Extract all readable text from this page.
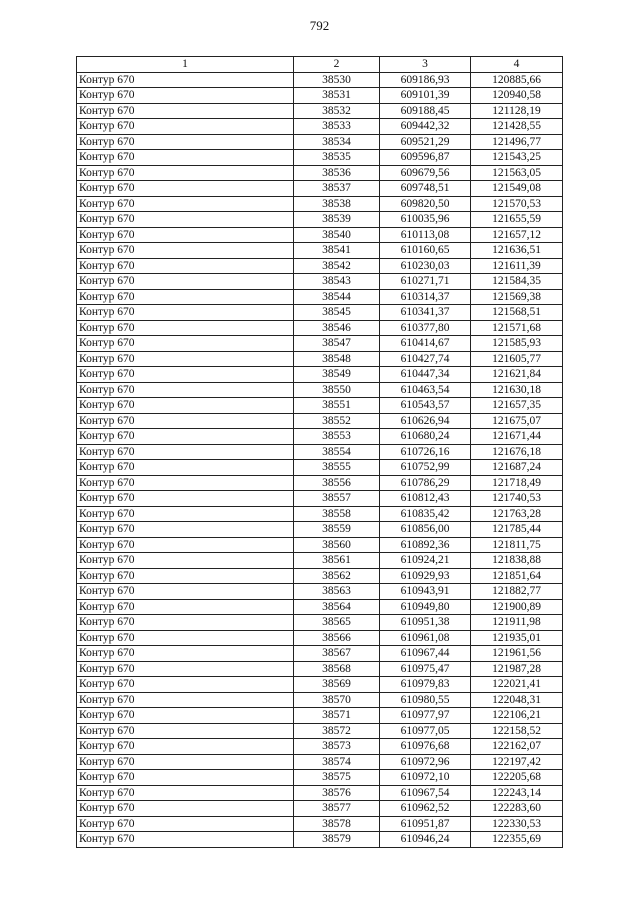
792
1	2	3	4
Контур 670	38530	609186,93	120885,66
Контур 670	38531	609101,39	120940,58
Контур 670	38532	609188,45	121128,19
Контур 670	38533	609442,32	121428,55
Контур 670	38534	609521,29	121496,77
Контур 670	38535	609596,87	121543,25
Контур 670	38536	609679,56	121563,05
Контур 670	38537	609748,51	121549,08
Контур 670	38538	609820,50	121570,53
Контур 670	38539	610035,96	121655,59
Контур 670	38540	610113,08	121657,12
Контур 670	38541	610160,65	121636,51
Контур 670	38542	610230,03	121611,39
Контур 670	38543	610271,71	121584,35
Контур 670	38544	610314,37	121569,38
Контур 670	38545	610341,37	121568,51
Контур 670	38546	610377,80	121571,68
Контур 670	38547	610414,67	121585,93
Контур 670	38548	610427,74	121605,77
Контур 670	38549	610447,34	121621,84
Контур 670	38550	610463,54	121630,18
Контур 670	38551	610543,57	121657,35
Контур 670	38552	610626,94	121675,07
Контур 670	38553	610680,24	121671,44
Контур 670	38554	610726,16	121676,18
Контур 670	38555	610752,99	121687,24
Контур 670	38556	610786,29	121718,49
Контур 670	38557	610812,43	121740,53
Контур 670	38558	610835,42	121763,28
Контур 670	38559	610856,00	121785,44
Контур 670	38560	610892,36	121811,75
Контур 670	38561	610924,21	121838,88
Контур 670	38562	610929,93	121851,64
Контур 670	38563	610943,91	121882,77
Контур 670	38564	610949,80	121900,89
Контур 670	38565	610951,38	121911,98
Контур 670	38566	610961,08	121935,01
Контур 670	38567	610967,44	121961,56
Контур 670	38568	610975,47	121987,28
Контур 670	38569	610979,83	122021,41
Контур 670	38570	610980,55	122048,31
Контур 670	38571	610977,97	122106,21
Контур 670	38572	610977,05	122158,52
Контур 670	38573	610976,68	122162,07
Контур 670	38574	610972,96	122197,42
Контур 670	38575	610972,10	122205,68
Контур 670	38576	610967,54	122243,14
Контур 670	38577	610962,52	122283,60
Контур 670	38578	610951,87	122330,53
Контур 670	38579	610946,24	122355,69
